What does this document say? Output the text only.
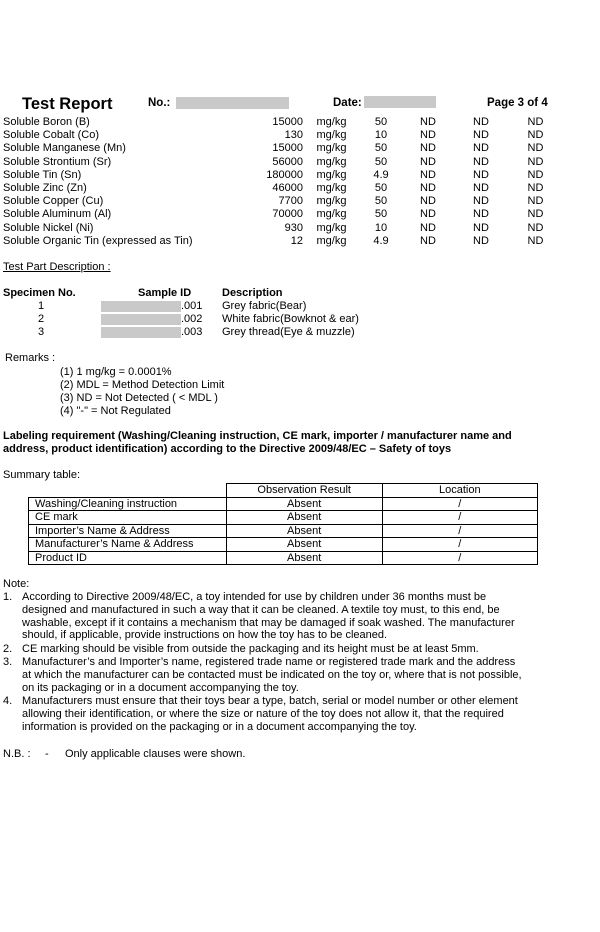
Test Report	No.:	Date:	Page 3 of 4
Soluble Boron (B)	15000	mg/kg	50	ND	ND	ND
Soluble Cobalt (Co)	130	mg/kg	10	ND	ND	ND
Soluble Manganese (Mn)	15000	mg/kg	50	ND	ND	ND
Soluble Strontium (Sr)	56000	mg/kg	50	ND	ND	ND
Soluble Tin (Sn)	180000	mg/kg	4.9	ND	ND	ND
Soluble Zinc (Zn)	46000	mg/kg	50	ND	ND	ND
Soluble Copper (Cu)	7700	mg/kg	50	ND	ND	ND
Soluble Aluminum (Al)	70000	mg/kg	50	ND	ND	ND
Soluble Nickel (Ni)	930	mg/kg	10	ND	ND	ND
Soluble Organic Tin (expressed as Tin)	12	mg/kg	4.9	ND	ND	ND
Test Part Description :
Specimen No.	Sample ID	Description
1	.001 Grey fabric(Bear)
2	.002 White fabric(Bowknot & ear)
3	.003 Grey thread(Eye & muzzle)
Remarks :
(1) 1 mg/kg = 0.0001%
(2) MDL = Method Detection Limit
(3) ND = Not Detected ( < MDL )
(4) "-" = Not Regulated
Labeling requirement (Washing/Cleaning instruction, CE mark, importer / manufacturer name and
address, product identification) according to the Directive 2009/48/EC – Safety of toys
Summary table:
	Observation Result	Location
Washing/Cleaning instruction	Absent	/
CE mark	Absent	/
Importer’s Name & Address	Absent	/
Manufacturer’s Name & Address	Absent	/
Product ID	Absent	/
Note:
1. According to Directive 2009/48/EC, a toy intended for use by children under 36 months must be
designed and manufactured in such a way that it can be cleaned. A textile toy must, to this end, be
washable, except if it contains a mechanism that may be damaged if soak washed. The manufacturer
should, if applicable, provide instructions on how the toy has to be cleaned.
2. CE marking should be visible from outside the packaging and its height must be at least 5mm.
3. Manufacturer’s and Importer’s name, registered trade name or registered trade mark and the address
at which the manufacturer can be contacted must be indicated on the toy or, where that is not possible,
on its packaging or in a document accompanying the toy.
4. Manufacturers must ensure that their toys bear a type, batch, serial or model number or other element
allowing their identification, or where the size or nature of the toy does not allow it, that the required
information is provided on the packaging or in a document accompanying the toy.
N.B. : - Only applicable clauses were shown.
